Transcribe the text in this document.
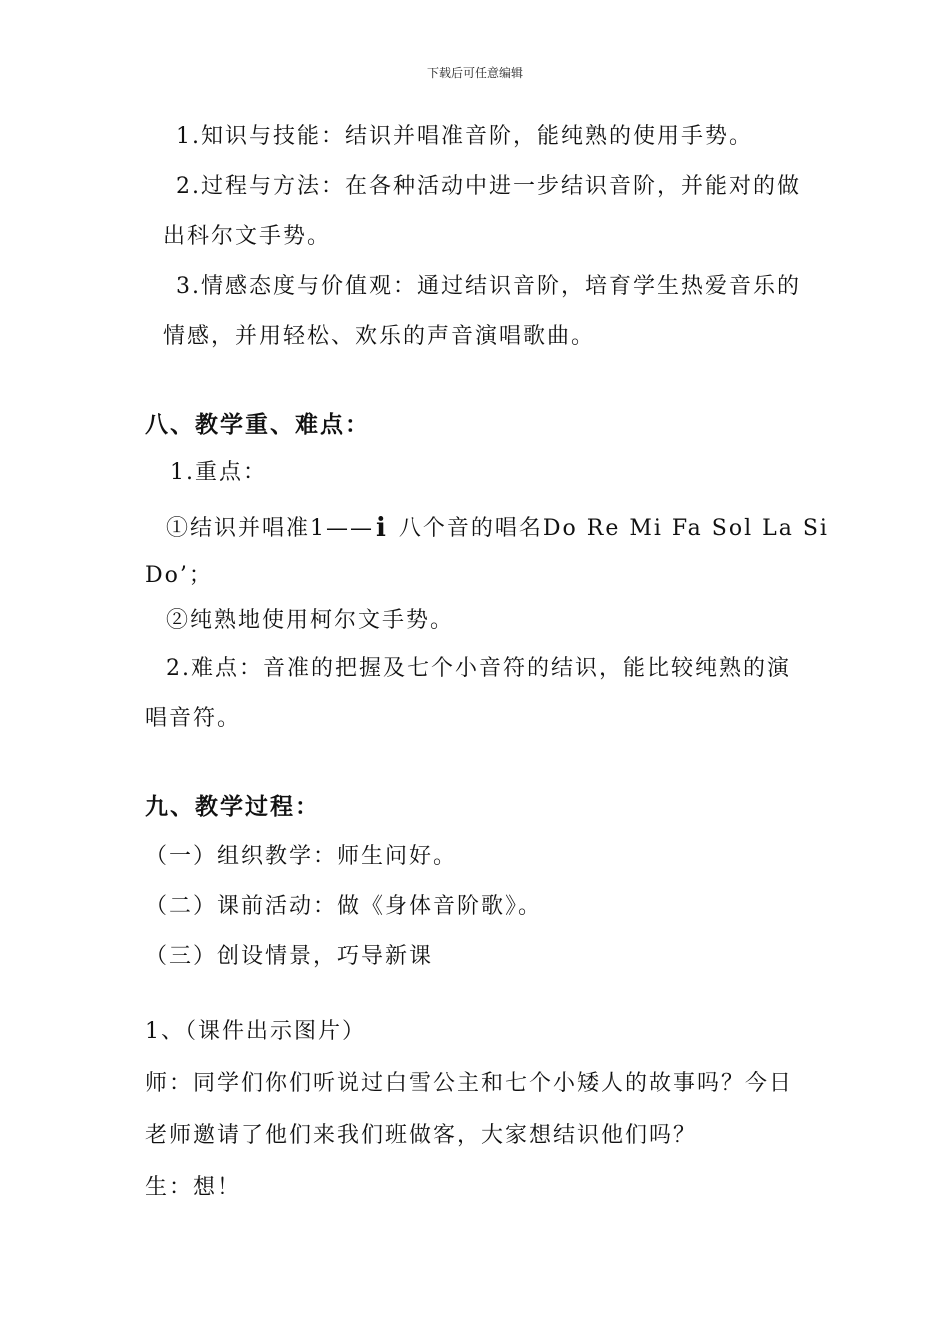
下载后可任意编辑
1.知识与技能：结识并唱准音阶，能纯熟的使用手势。
2.过程与方法：在各种活动中进一步结识音阶，并能对的做
出科尔文手势。
3.情感态度与价值观：通过结识音阶，培育学生热爱音乐的
情感，并用轻松、欢乐的声音演唱歌曲。
八、教学重、难点：
1.重点：
①结识并唱准1——i 八个音的唱名Do Re Mi Fa Sol La Si
Do’；
②纯熟地使用柯尔文手势。
2.难点：音准的把握及七个小音符的结识，能比较纯熟的演
唱音符。
九、教学过程：
（一）组织教学：师生问好。
（二）课前活动：做《身体音阶歌》。
（三）创设情景，巧导新课
1、（课件出示图片）
师：同学们你们听说过白雪公主和七个小矮人的故事吗？今日
老师邀请了他们来我们班做客，大家想结识他们吗？
生：想！
